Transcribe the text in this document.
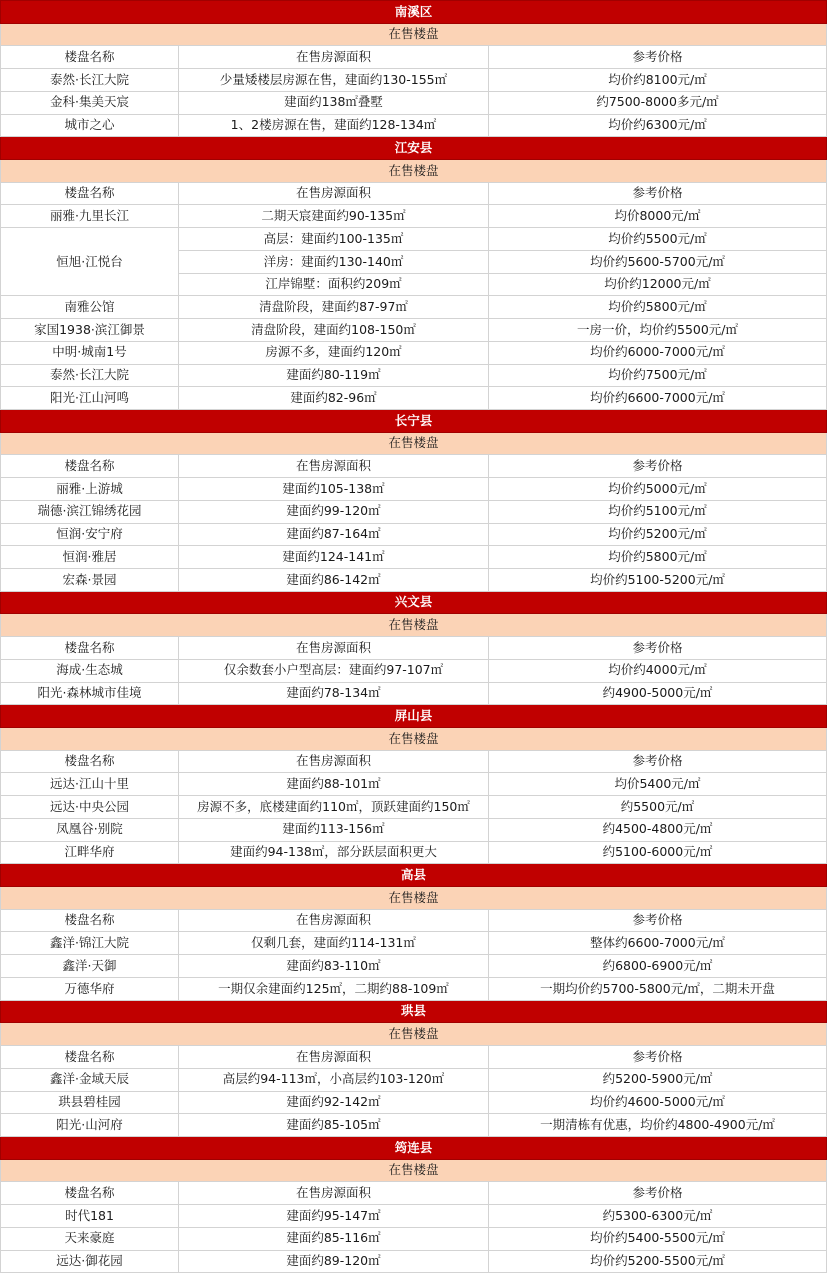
南溪区		
在售楼盘		
楼盘名称	在售房源面积	参考价格
泰然·长江大院	少量矮楼层房源在售，建面约130-155㎡	均价约8100元/㎡
金科·集美天宸	建面约138㎡叠墅	约7500-8000多元/㎡
城市之心	1、2楼房源在售，建面约128-134㎡	均价约6300元/㎡
江安县		
在售楼盘		
楼盘名称	在售房源面积	参考价格
丽雅·九里长江	二期天宸建面约90-135㎡	均价8000元/㎡
恒旭·江悦台	高层：建面约100-135㎡	均价约5500元/㎡
	洋房：建面约130-140㎡	均价约5600-5700元/㎡
	江岸锦墅：面积约209㎡	均价约12000元/㎡
南雅公馆	清盘阶段，建面约87-97㎡	均价约5800元/㎡
家国1938·滨江御景	清盘阶段，建面约108-150㎡	一房一价，均价约5500元/㎡
中明·城南1号	房源不多，建面约120㎡	均价约6000-7000元/㎡
泰然·长江大院	建面约80-119㎡	均价约7500元/㎡
阳光·江山河鸣	建面约82-96㎡	均价约6600-7000元/㎡
长宁县		
在售楼盘		
楼盘名称	在售房源面积	参考价格
丽雅·上游城	建面约105-138㎡	均价约5000元/㎡
瑞德·滨江锦绣花园	建面约99-120㎡	均价约5100元/㎡
恒润·安宁府	建面约87-164㎡	均价约5200元/㎡
恒润·雅居	建面约124-141㎡	均价约5800元/㎡
宏森·景园	建面约86-142㎡	均价约5100-5200元/㎡
兴文县		
在售楼盘		
楼盘名称	在售房源面积	参考价格
海成·生态城	仅余数套小户型高层：建面约97-107㎡	均价约4000元/㎡
阳光·森林城市佳境	建面约78-134㎡	约4900-5000元/㎡
屏山县		
在售楼盘		
楼盘名称	在售房源面积	参考价格
远达·江山十里	建面约88-101㎡	均价5400元/㎡
远达·中央公园	房源不多，底楼建面约110㎡，顶跃建面约150㎡	约5500元/㎡
凤凰谷·别院	建面约113-156㎡	约4500-4800元/㎡
江畔华府	建面约94-138㎡，部分跃层面积更大	约5100-6000元/㎡
高县		
在售楼盘		
楼盘名称	在售房源面积	参考价格
鑫洋·锦江大院	仅剩几套，建面约114-131㎡	整体约6600-7000元/㎡
鑫洋·天御	建面约83-110㎡	约6800-6900元/㎡
万德华府	一期仅余建面约125㎡，二期约88-109㎡	一期均价约5700-5800元/㎡，二期未开盘
珙县		
在售楼盘		
楼盘名称	在售房源面积	参考价格
鑫洋·金域天辰	高层约94-113㎡，小高层约103-120㎡	约5200-5900元/㎡
珙县碧桂园	建面约92-142㎡	均价约4600-5000元/㎡
阳光·山河府	建面约85-105㎡	一期清栋有优惠，均价约4800-4900元/㎡
筠连县		
在售楼盘		
楼盘名称	在售房源面积	参考价格
时代181	建面约95-147㎡	约5300-6300元/㎡
天来豪庭	建面约85-116㎡	均价约5400-5500元/㎡
远达·御花园	建面约89-120㎡	均价约5200-5500元/㎡
